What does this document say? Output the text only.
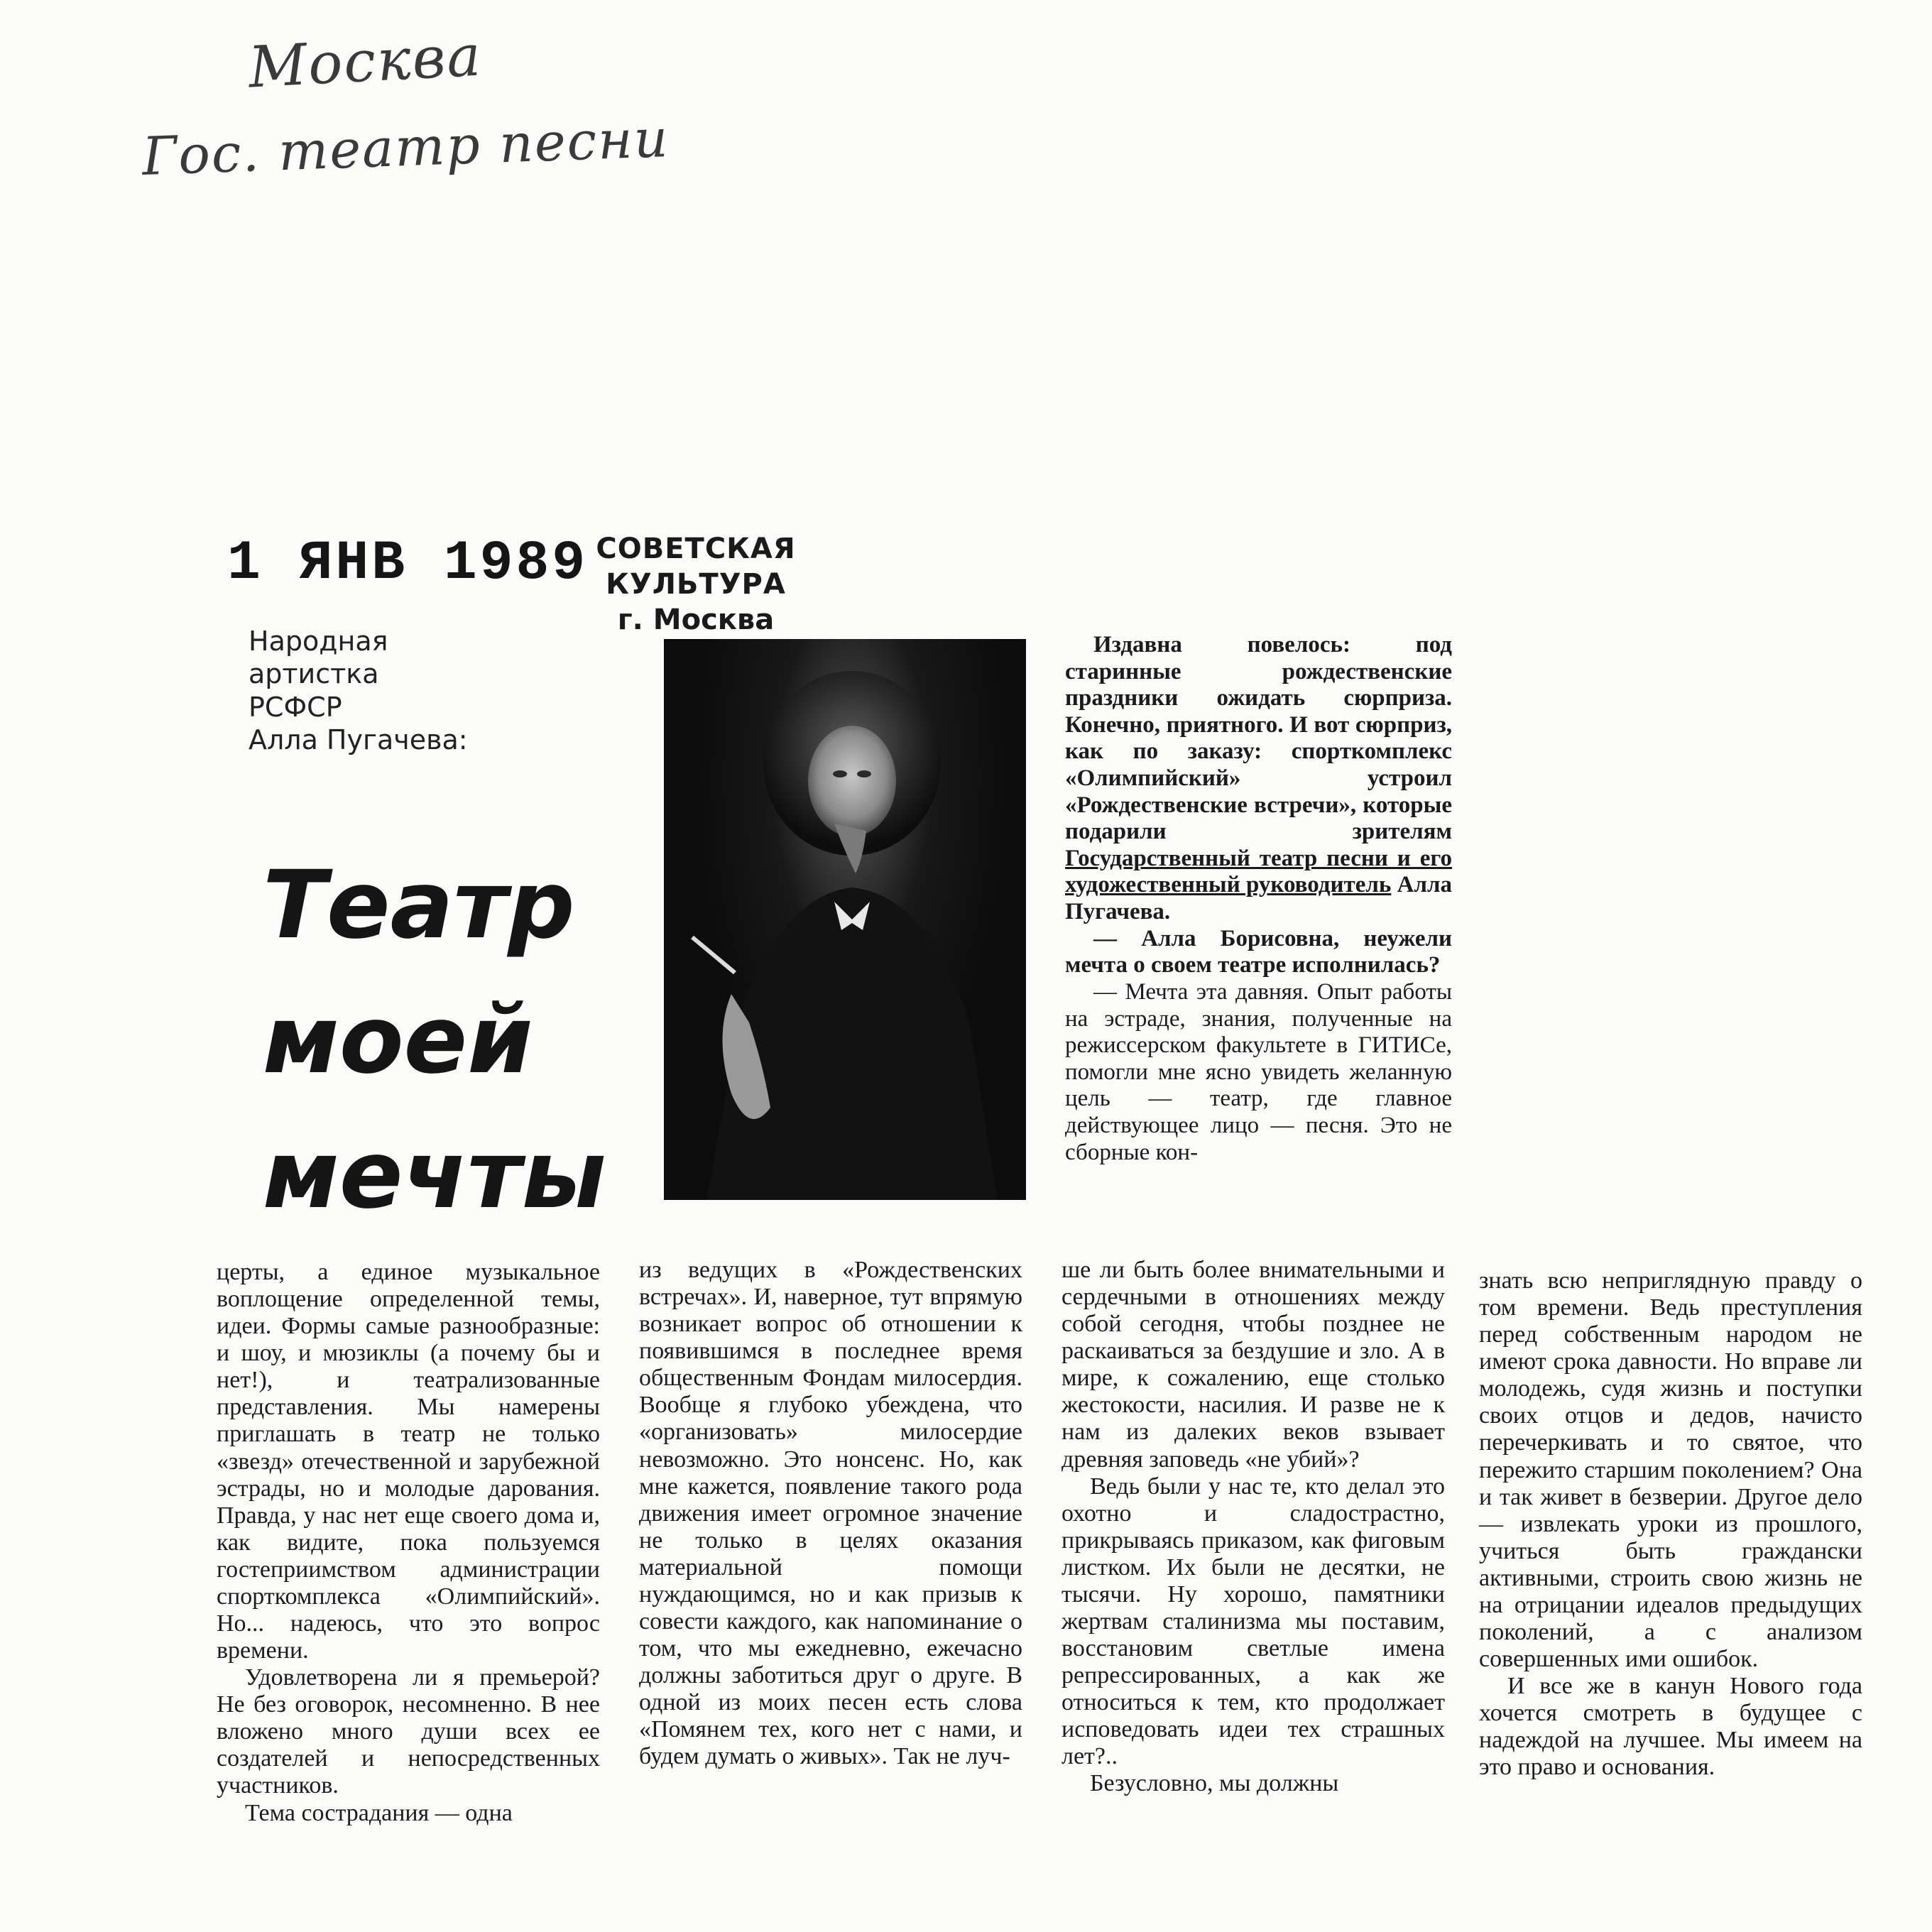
Москва
Гос. театр песни
1 ЯНВ 1989 СОВЕТСКАЯ КУЛЬТУРА
г. Москва
Народная
артистка
РСФСР
Алла Пугачева:
Театр
моей
мечты

Издавна повелось: под старинные рождественские праздники ожидать сюрприза. Конечно, приятного. И вот сюрприз, как по заказу: спорткомплекс «Олимпийский» устроил «Рождественские встречи», которые подарили зрителям Государственный театр песни и его художественный руководитель Алла Пугачева.

— Алла Борисовна, неужели мечта о своем театре исполнилась?

— Мечта эта давняя. Опыт работы на эстраде, знания, полученные на режиссерском факультете в ГИТИСе, помогли мне ясно увидеть желанную цель — театр, где главное действующее лицо — песня. Это не сборные кон-

церты, а единое музыкальное воплощение определенной темы, идеи. Формы самые разнообразные: и шоу, и мюзиклы (а почему бы и нет!), и театрализованные представления. Мы намерены приглашать в театр не только «звезд» отечественной и зарубежной эстрады, но и молодые дарования. Правда, у нас нет еще своего дома и, как видите, пока пользуемся гостеприимством администрации спорткомплекса «Олимпийский». Но... надеюсь, что это вопрос времени.

Удовлетворена ли я премьерой? Не без оговорок, несомненно. В нее вложено много души всех ее создателей и непосредственных участников.

Тема сострадания — одна

из ведущих в «Рождественских встречах». И, наверное, тут впрямую возникает вопрос об отношении к появившимся в последнее время общественным Фондам милосердия. Вообще я глубоко убеждена, что «организовать» милосердие невозможно. Это нонсенс. Но, как мне кажется, появление такого рода движения имеет огромное значение не только в целях оказания материальной помощи нуждающимся, но и как призыв к совести каждого, как напоминание о том, что мы ежедневно, ежечасно должны заботиться друг о друге. В одной из моих песен есть слова «Помянем тех, кого нет с нами, и будем думать о живых». Так не луч-

ше ли быть более внимательными и сердечными в отношениях между собой сегодня, чтобы позднее не раскаиваться за бездушие и зло. А в мире, к сожалению, еще столько жестокости, насилия. И разве не к нам из далеких веков взывает древняя заповедь «не убий»?

Ведь были у нас те, кто делал это охотно и сладострастно, прикрываясь приказом, как фиговым листком. Их были не десятки, не тысячи. Ну хорошо, памятники жертвам сталинизма мы поставим, восстановим светлые имена репрессированных, а как же относиться к тем, кто продолжает исповедовать идеи тех страшных лет?..

Безусловно, мы должны

знать всю неприглядную правду о том времени. Ведь преступления перед собственным народом не имеют срока давности. Но вправе ли молодежь, судя жизнь и поступки своих отцов и дедов, начисто перечеркивать и то святое, что пережито старшим поколением? Она и так живет в безверии. Другое дело — извлекать уроки из прошлого, учиться быть граждански активными, строить свою жизнь не на отрицании идеалов предыдущих поколений, а с анализом совершенных ими ошибок.

И все же в канун Нового года хочется смотреть в будущее с надеждой на лучшее. Мы имеем на это право и основания.
